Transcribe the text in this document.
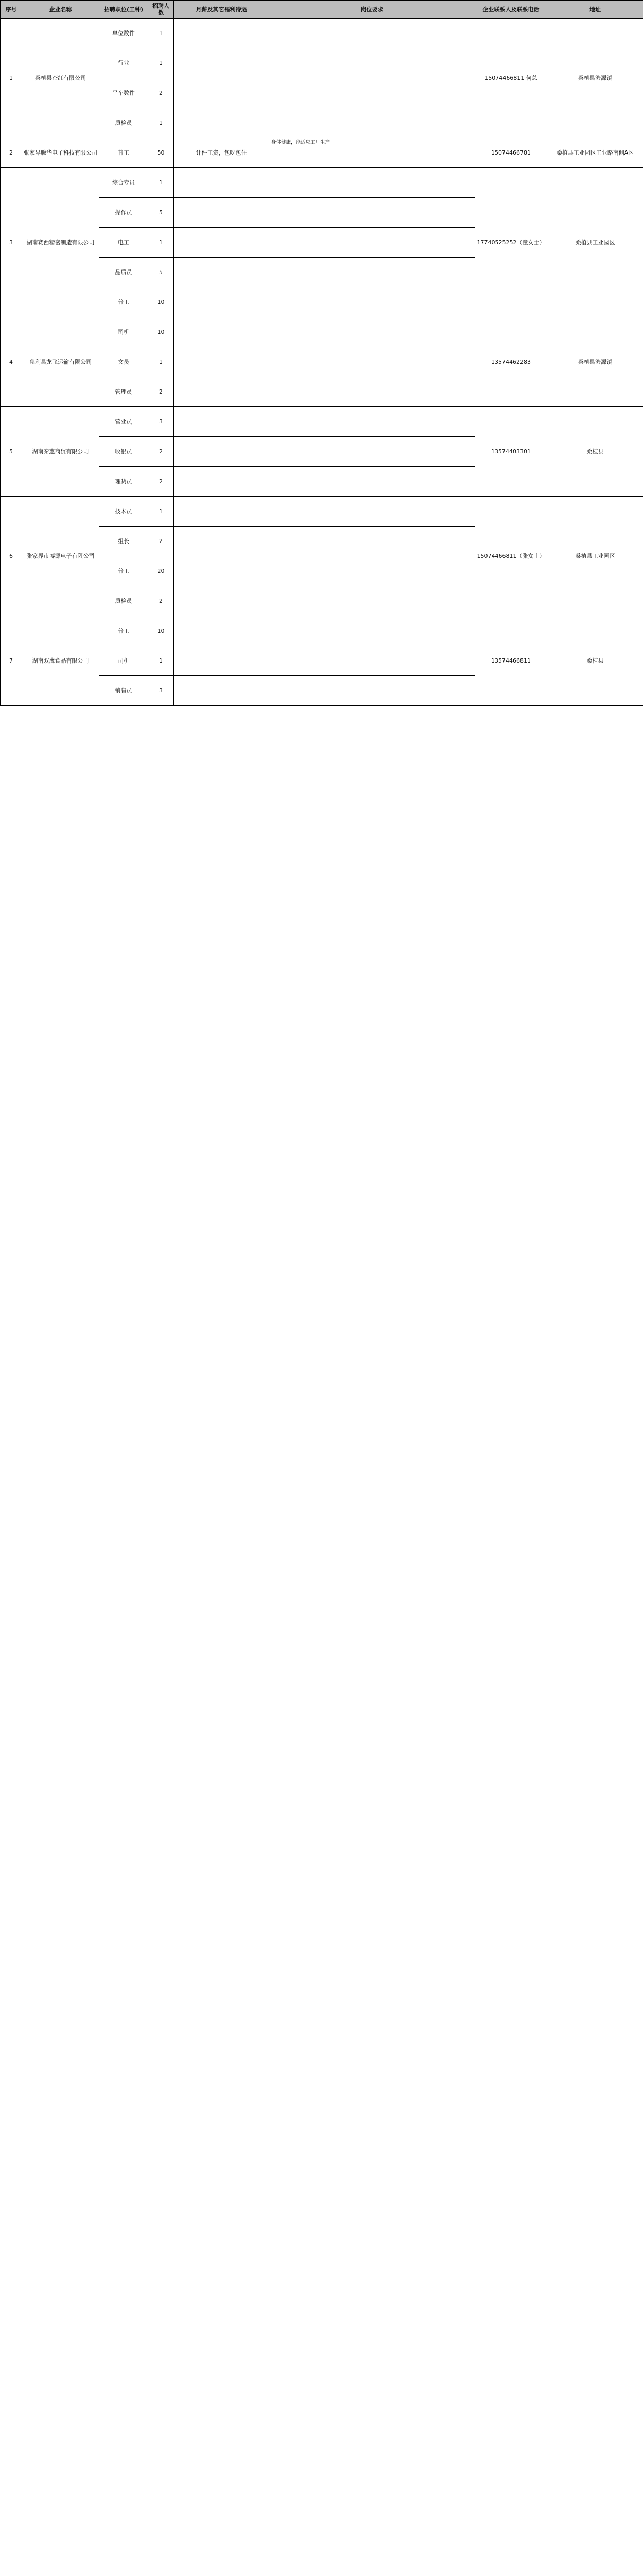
序号	企业名称	招聘职位(工种)	招聘人数	月薪及其它福利待遇	岗位要求	企业联系人及联系电话	地址
1	桑植县苍红有限公司	单位数件	1			15074466811 何总	桑植县澧源镇
		行业	1				
		平车数件	2				
		质检员	1				
2	张家界腾华电子科技有限公司	普工	50	计件工资，包吃包住	身体健康，能适应工厂生产	15074466781	桑植县工业园区工业路南侧A区
3	湖南赛西精密制造有限公司	综合专员	1			17740525252（童女士）	桑植县工业园区
		操作员	5				
		电工	1				
		品质员	5				
		普工	10				
4	慈利县龙飞运输有限公司	司机	10			13574462283	桑植县澧源镇
		文员	1				
		管理员	2				
5	湖南秦惠商贸有限公司	营业员	3			13574403301	桑植县
		收银员	2				
		理货员	2				
6	张家界市博源电子有限公司	技术员	1			15074466811（张女士）	桑植县工业园区
		组长	2				
		普工	20				
		质检员	2				
7	湖南双鹰食品有限公司	普工	10			13574466811	桑植县
		司机	1				
		销售员	3				
